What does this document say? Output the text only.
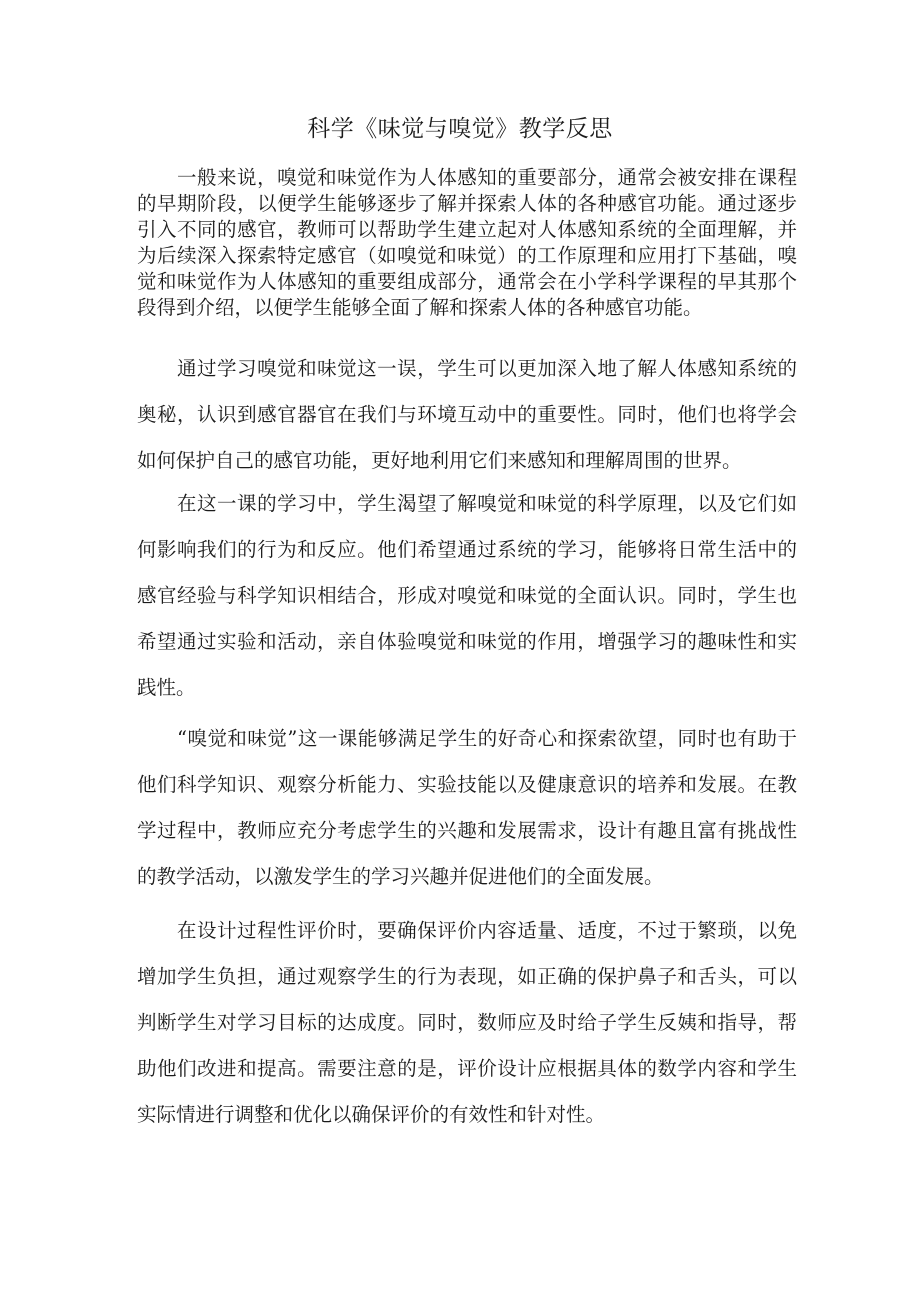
科学《味觉与嗅觉》教学反思

一般来说，嗅觉和味觉作为人体感知的重要部分，通常会被安排在课程的早期阶段，以便学生能够逐步了解并探索人体的各种感官功能。通过逐步引入不同的感官，教师可以帮助学生建立起对人体感知系统的全面理解，并为后续深入探索特定感官（如嗅觉和味觉）的工作原理和应用打下基础，嗅觉和味觉作为人体感知的重要组成部分，通常会在小学科学课程的早其那个段得到介绍，以便学生能够全面了解和探索人体的各种感官功能。

通过学习嗅觉和味觉这一误，学生可以更加深入地了解人体感知系统的奥秘，认识到感官器官在我们与环境互动中的重要性。同时，他们也将学会如何保护自己的感官功能，更好地利用它们来感知和理解周围的世界。

在这一课的学习中，学生渴望了解嗅觉和味觉的科学原理，以及它们如何影响我们的行为和反应。他们希望通过系统的学习，能够将日常生活中的感官经验与科学知识相结合，形成对嗅觉和味觉的全面认识。同时，学生也希望通过实验和活动，亲自体验嗅觉和味觉的作用，增强学习的趣味性和实践性。

“嗅觉和味觉”这一课能够满足学生的好奇心和探索欲望，同时也有助于他们科学知识、观察分析能力、实验技能以及健康意识的培养和发展。在教学过程中，教师应充分考虑学生的兴趣和发展需求，设计有趣且富有挑战性的教学活动，以激发学生的学习兴趣并促进他们的全面发展。

在设计过程性评价时，要确保评价内容适量、适度，不过于繁琐，以免增加学生负担，通过观察学生的行为表现，如正确的保护鼻子和舌头，可以判断学生对学习目标的达成度。同时，数师应及时给子学生反姨和指导，帮助他们改进和提高。需要注意的是，评价设计应根据具体的数学内容和学生实际情进行调整和优化以确保评价的有效性和针对性。
